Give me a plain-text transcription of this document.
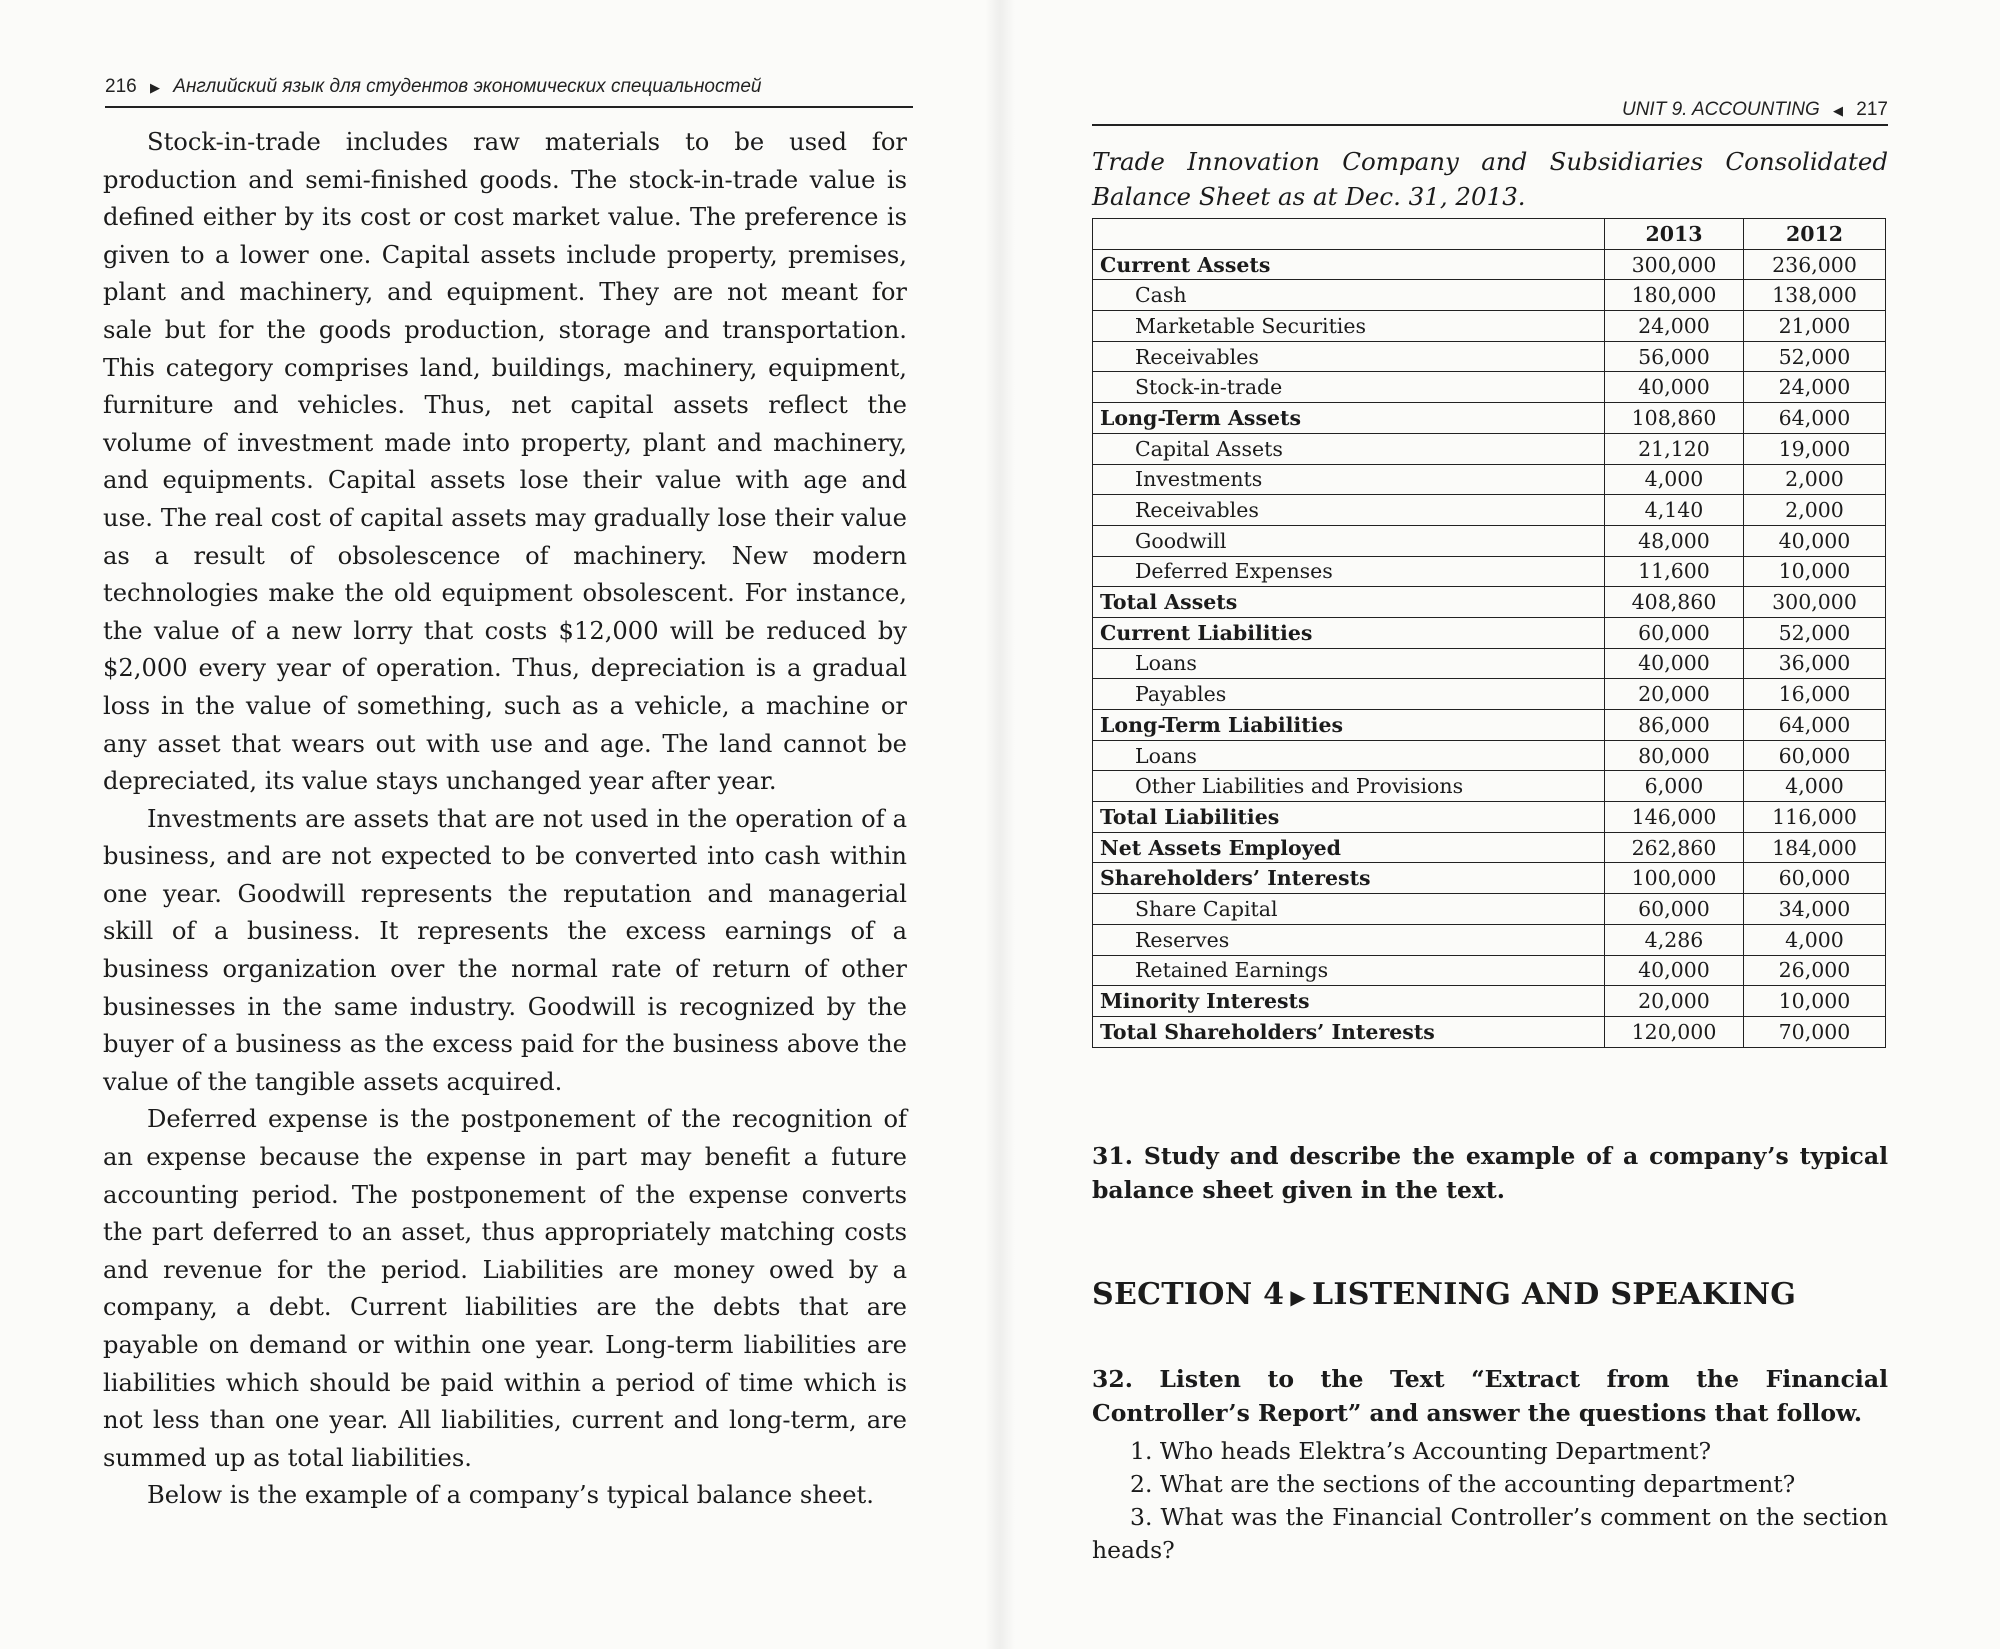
216 ▶ Английский язык для студентов экономических специальностей

Stock-in-trade includes raw materials to be used for production and semi-finished goods. The stock-in-trade value is defined either by its cost or cost market value. The preference is given to a lower one. Capital assets include property, premises, plant and machinery, and equipment. They are not meant for sale but for the goods production, storage and transportation. This category comprises land, buildings, machinery, equipment, furniture and vehicles. Thus, net capital assets reflect the volume of investment made into property, plant and machinery, and equipments. Capital assets lose their value with age and use. The real cost of capital assets may gradually lose their value as a result of obsolescence of machinery. New modern technologies make the old equipment obsolescent. For instance, the value of a new lorry that costs $12,000 will be reduced by $2,000 every year of operation. Thus, depreciation is a gradual loss in the value of something, such as a vehicle, a machine or any asset that wears out with use and age. The land cannot be depreciated, its value stays unchanged year after year.

Investments are assets that are not used in the operation of a business, and are not expected to be converted into cash within one year. Goodwill represents the reputation and managerial skill of a business. It represents the excess earnings of a business organization over the normal rate of return of other businesses in the same industry. Goodwill is recognized by the buyer of a business as the excess paid for the business above the value of the tangible assets acquired.

Deferred expense is the postponement of the recognition of an expense because the expense in part may benefit a future accounting period. The postponement of the expense converts the part deferred to an asset, thus appropriately matching costs and revenue for the period. Liabilities are money owed by a company, a debt. Current liabilities are the debts that are payable on demand or within one year. Long-term liabilities are liabilities which should be paid within a period of time which is not less than one year. All liabilities, current and long-term, are summed up as total liabilities.

Below is the example of a company’s typical balance sheet.

UNIT 9. ACCOUNTING ◀ 217
Trade Innovation Company and Subsidiaries Consolidated Balance Sheet as at Dec. 31, 2013.
	2013	2012
Current Assets	300,000	236,000
Cash	180,000	138,000
Marketable Securities	24,000	21,000
Receivables	56,000	52,000
Stock-in-trade	40,000	24,000
Long-Term Assets	108,860	64,000
Capital Assets	21,120	19,000
Investments	4,000	2,000
Receivables	4,140	2,000
Goodwill	48,000	40,000
Deferred Expenses	11,600	10,000
Total Assets	408,860	300,000
Current Liabilities	60,000	52,000
Loans	40,000	36,000
Payables	20,000	16,000
Long-Term Liabilities	86,000	64,000
Loans	80,000	60,000
Other Liabilities and Provisions	6,000	4,000
Total Liabilities	146,000	116,000
Net Assets Employed	262,860	184,000
Shareholders’ Interests	100,000	60,000
Share Capital	60,000	34,000
Reserves	4,286	4,000
Retained Earnings	40,000	26,000
Minority Interests	20,000	10,000
Total Shareholders’ Interests	120,000	70,000
31. Study and describe the example of a company’s typical balance sheet given in the text.
SECTION 4 ▶ LISTENING AND SPEAKING
32. Listen to the Text “Extract from the Financial Controller’s Report” and answer the questions that follow.
1. Who heads Elektra’s Accounting Department?
2. What are the sections of the accounting department?
3. What was the Financial Controller’s comment on the section heads?
